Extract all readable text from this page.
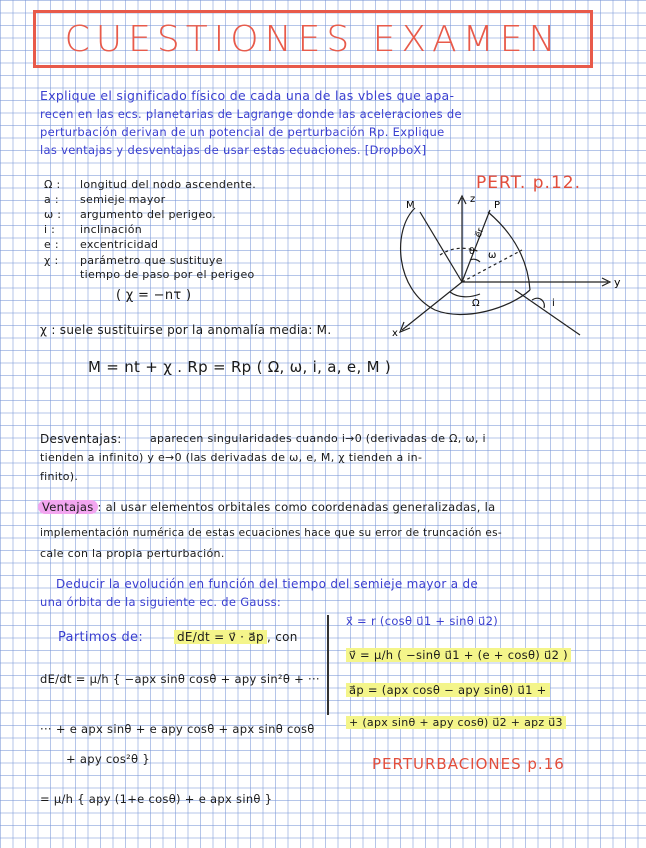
CUESTIONES EXAMEN
Explique el significado físico de cada una de las vbles que apa-
recen en las ecs. planetarias de Lagrange donde las aceleraciones de
perturbación derivan de un potencial de perturbación Rp. Explique
las ventajas y desventajas de usar estas ecuaciones. [DropboX]
PERT. p.12.
Ω : longitud del nodo ascendente.
a : semieje mayor
ω : argumento del perigeo.
i : inclinación
e : excentricidad
χ : parámetro que sustituye
tiempo de paso por el perigeo
( χ = −nτ )
z
y
x
M	P
ω
θ
Ω	i
e⃗r
χ : suele sustituirse por la anomalía media: M.
M = nt + χ . Rp = Rp ( Ω, ω, i, a, e, M )
Desventajas:	aparecen singularidades cuando i→0 (derivadas de Ω, ω, i
tienden a infinito) y e→0 (las derivadas de ω, e, M, χ tienden a in-
finito).
Ventajas : al usar elementos orbitales como coordenadas generalizadas, la
implementación numérica de estas ecuaciones hace que su error de truncación es-
cale con la propia perturbación.
Deducir la evolución en función del tiempo del semieje mayor a de
una órbita de la siguiente ec. de Gauss:
Partimos de:	dE/dt = v⃗ · a⃗p , con
dE/dt = μ/h { −apx sinθ cosθ + apy sin²θ + ···
··· + e apx sinθ + e apy cosθ + apx sinθ cosθ
+ apy cos²θ }
= μ/h { apy (1+e cosθ) + e apx sinθ }
x⃗ = r (cosθ u⃗1 + sinθ u⃗2)
v⃗ = μ/h ( −sinθ u⃗1 + (e + cosθ) u⃗2 )
a⃗p = (apx cosθ − apy sinθ) u⃗1 +
+ (apx sinθ + apy cosθ) u⃗2 + apz u⃗3
PERTURBACIONES p.16
